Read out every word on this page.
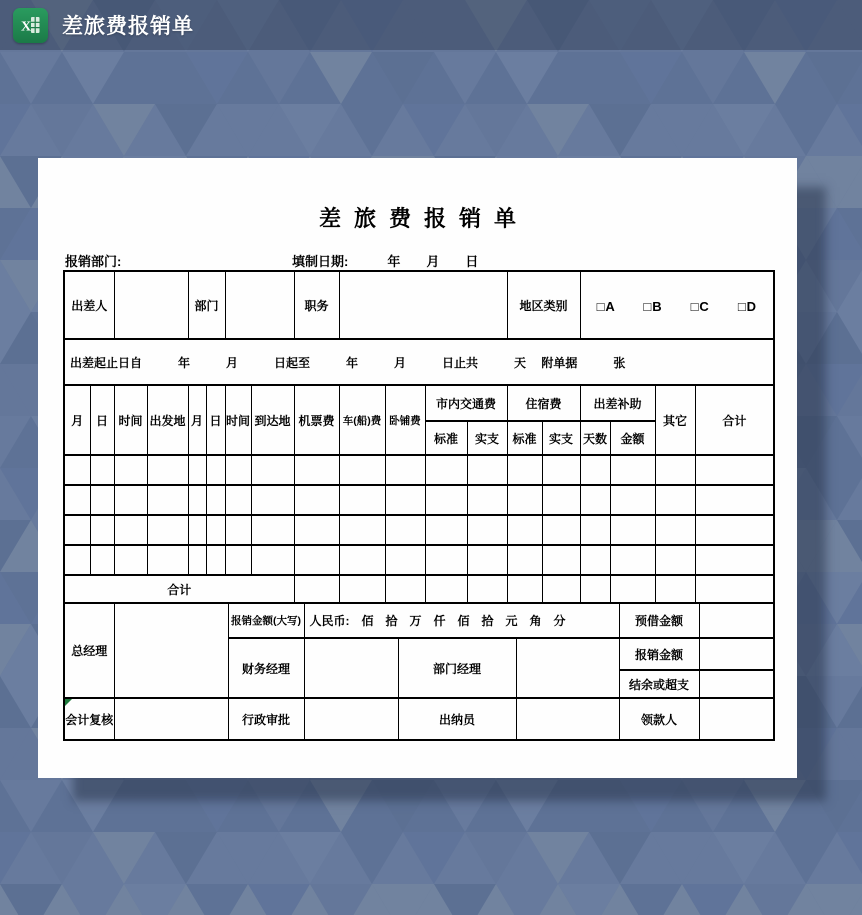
X 差旅费报销单
差旅费报销单
报销部门:	填制日期:　　　年　　月　　日
出差人				部门				职务					地区类别		□A　　□B　　□C　　□D			
出差起止日自　　　年　　　月　　　日起至　　　年　　　月　　　日止共　　　天　 附单据　　　张																		
月	日	时间	出发地	月	日	时间	到达地	机票费	车(船)费	卧铺费	市内交通费		住宿费		出差补助		其它	合计
											标准	实支	标准	实支	天数	金额		

合计																		
总经理		报销金额(大写)	人民币:　佰　拾　万　仟　佰　拾　元　角　分			预借金额	
		财务经理		部门经理		报销金额	
						结余或超支	

会计复核		行政审批		出纳员		领款人	
